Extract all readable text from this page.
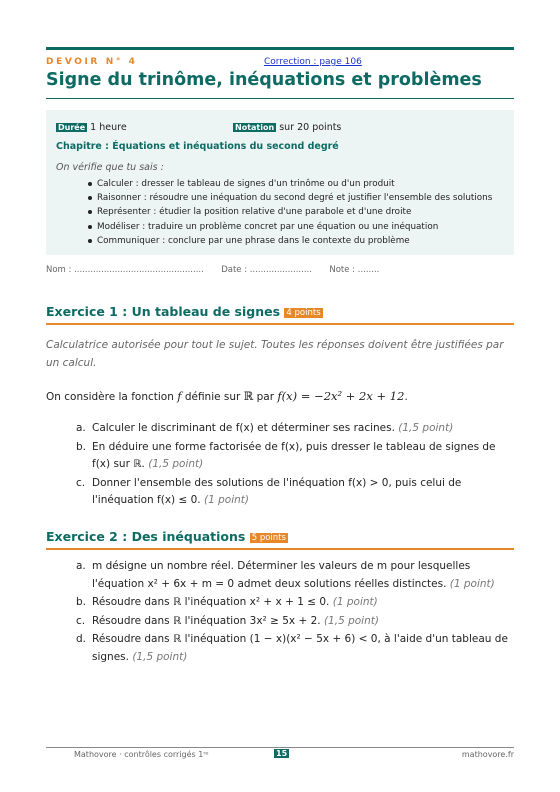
DEVOIR N° 4	Correction : page 106
Signe du trinôme, inéquations et problèmes
Durée 1 heure	Notation sur 20 points
Chapitre : Équations et inéquations du second degré
On vérifie que tu sais :
Calculer : dresser le tableau de signes d'un trinôme ou d'un produit
Raisonner : résoudre une inéquation du second degré et justifier l'ensemble des solutions
Représenter : étudier la position relative d'une parabole et d'une droite
Modéliser : traduire un problème concret par une équation ou une inéquation
Communiquer : conclure par une phrase dans le contexte du problème
Nom : ................................................ Date : ....................... Note : ........
Exercice 1 : Un tableau de signes 4 points

Calculatrice autorisée pour tout le sujet. Toutes les réponses doivent être justifiées par un calcul.

On considère la fonction f définie sur ℝ par f(x) = −2x² + 2x + 12.

a. Calculer le discriminant de f(x) et déterminer ses racines. (1,5 point)
b. En déduire une forme factorisée de f(x), puis dresser le tableau de signes de f(x) sur ℝ. (1,5 point)
c. Donner l'ensemble des solutions de l'inéquation f(x) > 0, puis celui de l'inéquation f(x) ≤ 0. (1 point)
Exercice 2 : Des inéquations 5 points
a. m désigne un nombre réel. Déterminer les valeurs de m pour lesquelles l'équation x² + 6x + m = 0 admet deux solutions réelles distinctes. (1 point)
b. Résoudre dans ℝ l'inéquation x² + x + 1 ≤ 0. (1 point)
c. Résoudre dans ℝ l'inéquation 3x² ≥ 5x + 2. (1,5 point)
d. Résoudre dans ℝ l'inéquation (1 − x)(x² − 5x + 6) < 0, à l'aide d'un tableau de signes. (1,5 point)
Mathovore · contrôles corrigés 1ʳᵉ	15	mathovore.fr
